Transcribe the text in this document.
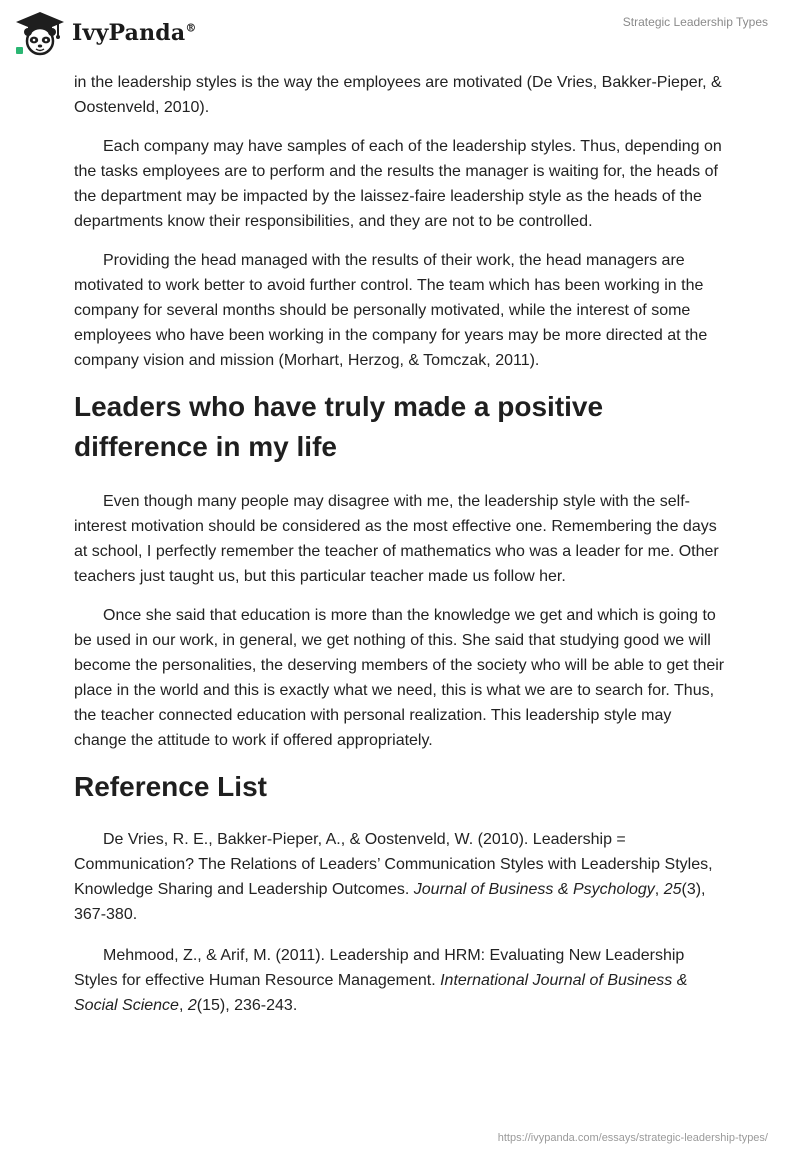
IvyPanda®	Strategic Leadership Types

in the leadership styles is the way the employees are motivated (De Vries, Bakker-Pieper, & Oostenveld, 2010).

Each company may have samples of each of the leadership styles. Thus, depending on the tasks employees are to perform and the results the manager is waiting for, the heads of the department may be impacted by the laissez-faire leadership style as the heads of the departments know their responsibilities, and they are not to be controlled.

Providing the head managed with the results of their work, the head managers are motivated to work better to avoid further control. The team which has been working in the company for several months should be personally motivated, while the interest of some employees who have been working in the company for years may be more directed at the company vision and mission (Morhart, Herzog, & Tomczak, 2011).

Leaders who have truly made a positive difference in my life

Even though many people may disagree with me, the leadership style with the self-interest motivation should be considered as the most effective one. Remembering the days at school, I perfectly remember the teacher of mathematics who was a leader for me. Other teachers just taught us, but this particular teacher made us follow her.

Once she said that education is more than the knowledge we get and which is going to be used in our work, in general, we get nothing of this. She said that studying good we will become the personalities, the deserving members of the society who will be able to get their place in the world and this is exactly what we need, this is what we are to search for. Thus, the teacher connected education with personal realization. This leadership style may change the attitude to work if offered appropriately.

Reference List

De Vries, R. E., Bakker-Pieper, A., & Oostenveld, W. (2010). Leadership = Communication? The Relations of Leaders’ Communication Styles with Leadership Styles, Knowledge Sharing and Leadership Outcomes. Journal of Business & Psychology, 25(3), 367-380.

Mehmood, Z., & Arif, M. (2011). Leadership and HRM: Evaluating New Leadership Styles for effective Human Resource Management. International Journal of Business & Social Science, 2(15), 236-243.

https://ivypanda.com/essays/strategic-leadership-types/
